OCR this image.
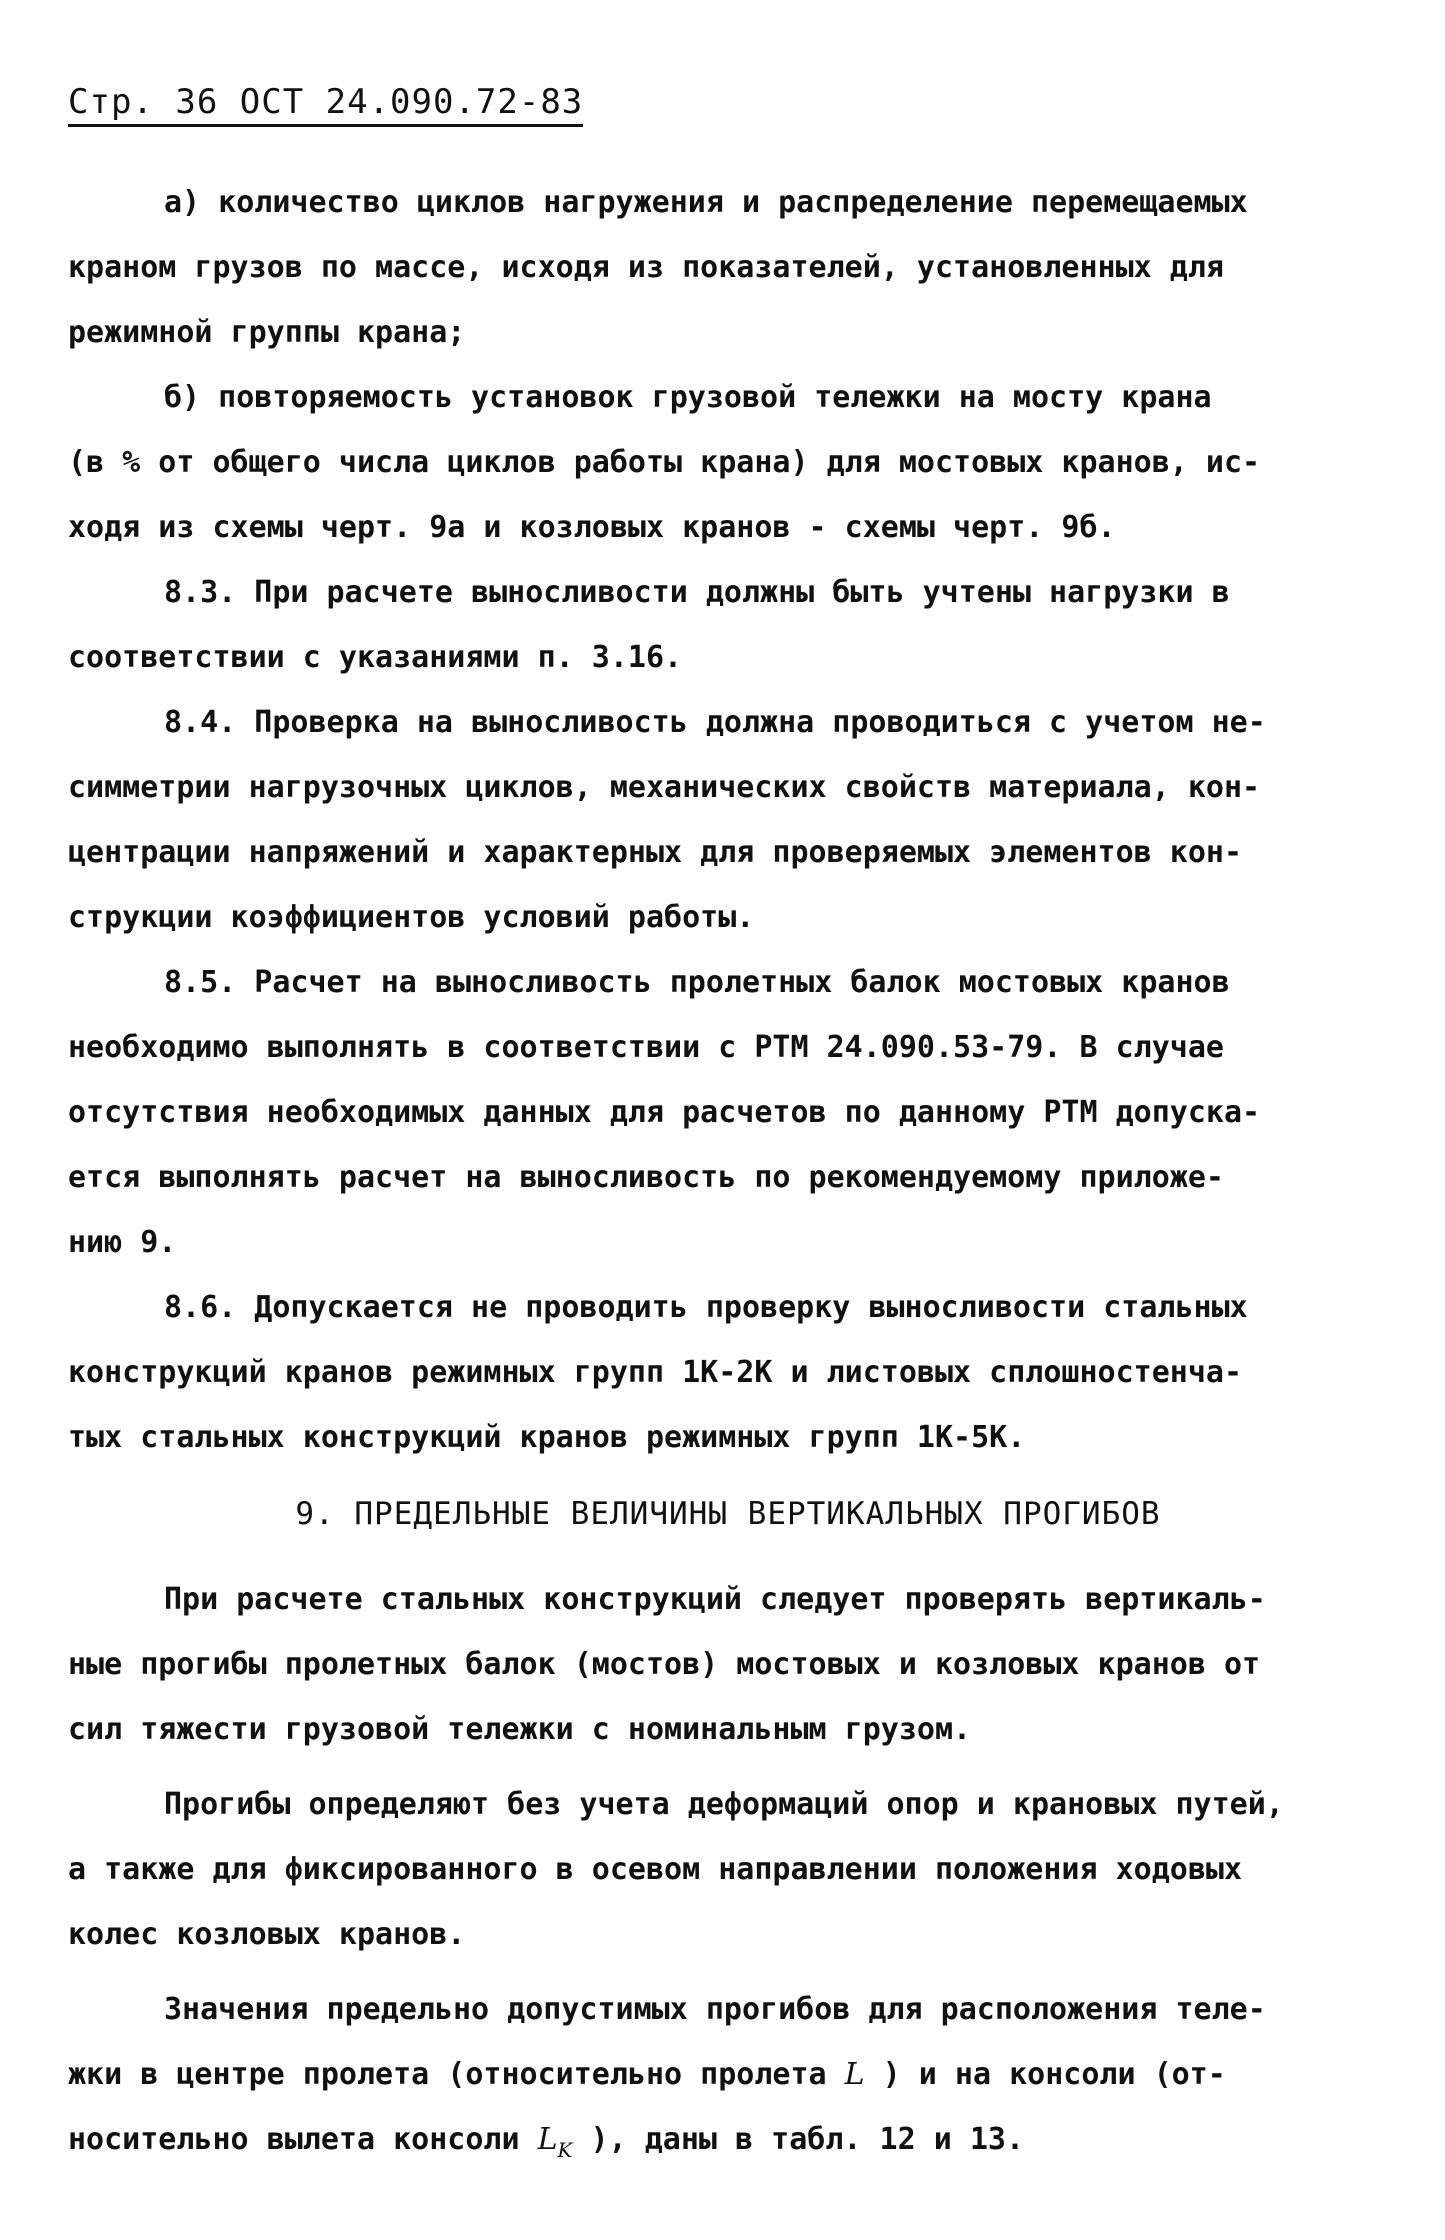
Стр. 36 ОСТ 24.090.72-83

а) количество циклов нагружения и распределение перемещаемых
краном грузов по массе, исходя из показателей, установленных для
режимной группы крана;

б) повторяемость установок грузовой тележки на мосту крана
(в % от общего числа циклов работы крана) для мостовых кранов, ис-
ходя из схемы черт. 9а и козловых кранов - схемы черт. 9б.

8.3. При расчете выносливости должны быть учтены нагрузки в
соответствии с указаниями п. 3.16.

8.4. Проверка на выносливость должна проводиться с учетом не-
симметрии нагрузочных циклов, механических свойств материала, кон-
центрации напряжений и характерных для проверяемых элементов кон-
струкции коэффициентов условий работы.

8.5. Расчет на выносливость пролетных балок мостовых кранов
необходимо выполнять в соответствии с РТМ 24.090.53-79. В случае
отсутствия необходимых данных для расчетов по данному РТМ допуска-
ется выполнять расчет на выносливость по рекомендуемому приложе-
нию 9.

8.6. Допускается не проводить проверку выносливости стальных
конструкций кранов режимных групп 1К-2К и листовых сплошностенча-
тых стальных конструкций кранов режимных групп 1К-5К.

9. ПРЕДЕЛЬНЫЕ ВЕЛИЧИНЫ ВЕРТИКАЛЬНЫХ ПРОГИБОВ

При расчете стальных конструкций следует проверять вертикаль-
ные прогибы пролетных балок (мостов) мостовых и козловых кранов от
сил тяжести грузовой тележки с номинальным грузом.

Прогибы определяют без учета деформаций опор и крановых путей,
а также для фиксированного в осевом направлении положения ходовых
колес козловых кранов.

Значения предельно допустимых прогибов для расположения теле-
жки в центре пролета (относительно пролета L ) и на консоли (от-
носительно вылета консоли $L_K$ ), даны в табл. 12 и 13.
